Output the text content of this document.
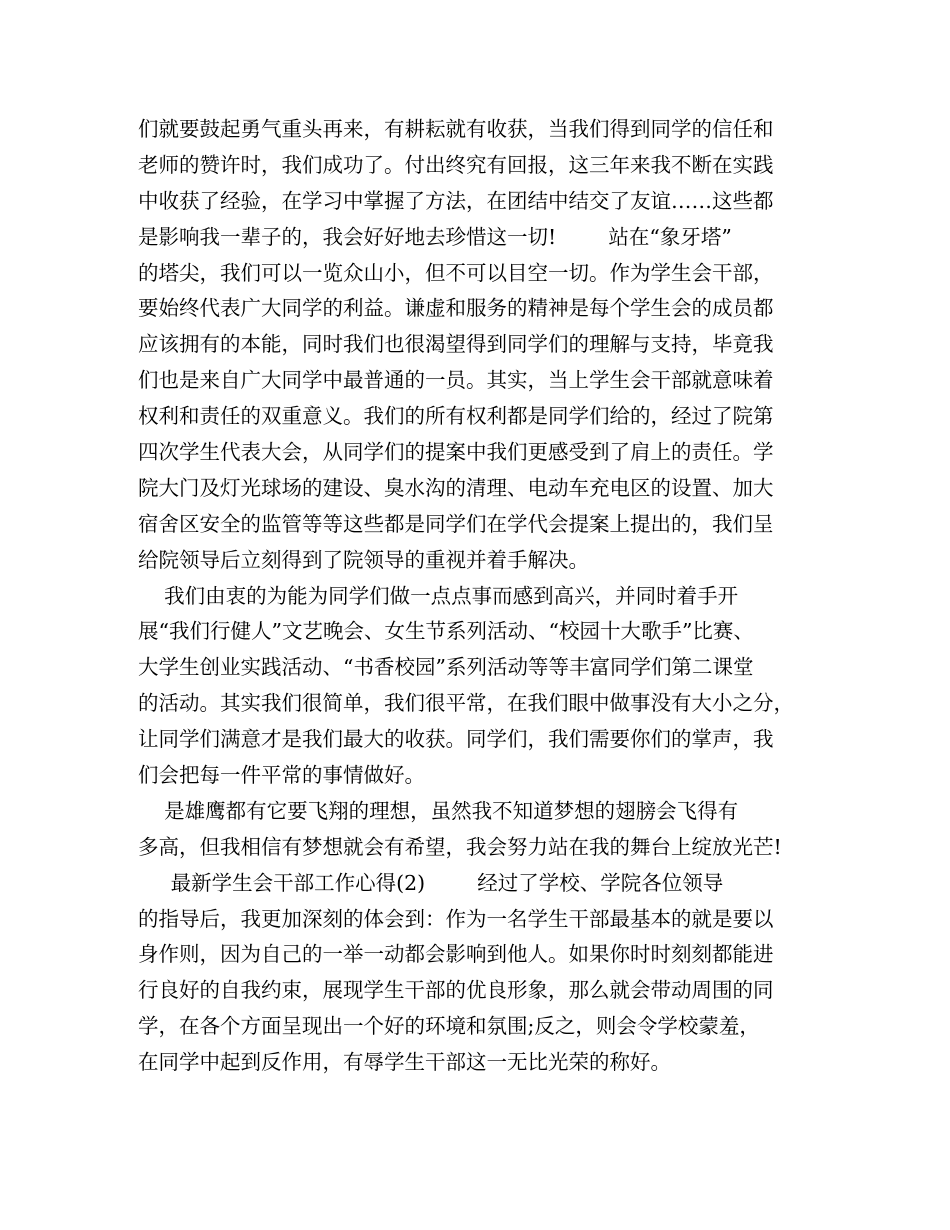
们就要鼓起勇气重头再来，有耕耘就有收获，当我们得到同学的信任和
老师的赞许时，我们成功了。付出终究有回报，这三年来我不断在实践
中收获了经验，在学习中掌握了方法，在团结中结交了友谊……这些都
是影响我一辈子的，我会好好地去珍惜这一切!        站在“象牙塔”
的塔尖，我们可以一览众山小，但不可以目空一切。作为学生会干部，
要始终代表广大同学的利益。谦虚和服务的精神是每个学生会的成员都
应该拥有的本能，同时我们也很渴望得到同学们的理解与支持，毕竟我
们也是来自广大同学中最普通的一员。其实，当上学生会干部就意味着
权利和责任的双重意义。我们的所有权利都是同学们给的，经过了院第
四次学生代表大会，从同学们的提案中我们更感受到了肩上的责任。学
院大门及灯光球场的建设、臭水沟的清理、电动车充电区的设置、加大
宿舍区安全的监管等等这些都是同学们在学代会提案上提出的，我们呈
给院领导后立刻得到了院领导的重视并着手解决。
我们由衷的为能为同学们做一点点事而感到高兴，并同时着手开
展“我们行健人”文艺晚会、女生节系列活动、“校园十大歌手”比赛、
大学生创业实践活动、“书香校园”系列活动等等丰富同学们第二课堂
的活动。其实我们很简单，我们很平常，在我们眼中做事没有大小之分，
让同学们满意才是我们最大的收获。同学们，我们需要你们的掌声，我
们会把每一件平常的事情做好。
是雄鹰都有它要飞翔的理想，虽然我不知道梦想的翅膀会飞得有
多高，但我相信有梦想就会有希望，我会努力站在我的舞台上绽放光芒!
最新学生会干部工作心得(2)        经过了学校、学院各位领导
的指导后，我更加深刻的体会到：作为一名学生干部最基本的就是要以
身作则，因为自己的一举一动都会影响到他人。如果你时时刻刻都能进
行良好的自我约束，展现学生干部的优良形象，那么就会带动周围的同
学，在各个方面呈现出一个好的环境和氛围;反之，则会令学校蒙羞，
在同学中起到反作用，有辱学生干部这一无比光荣的称好。
